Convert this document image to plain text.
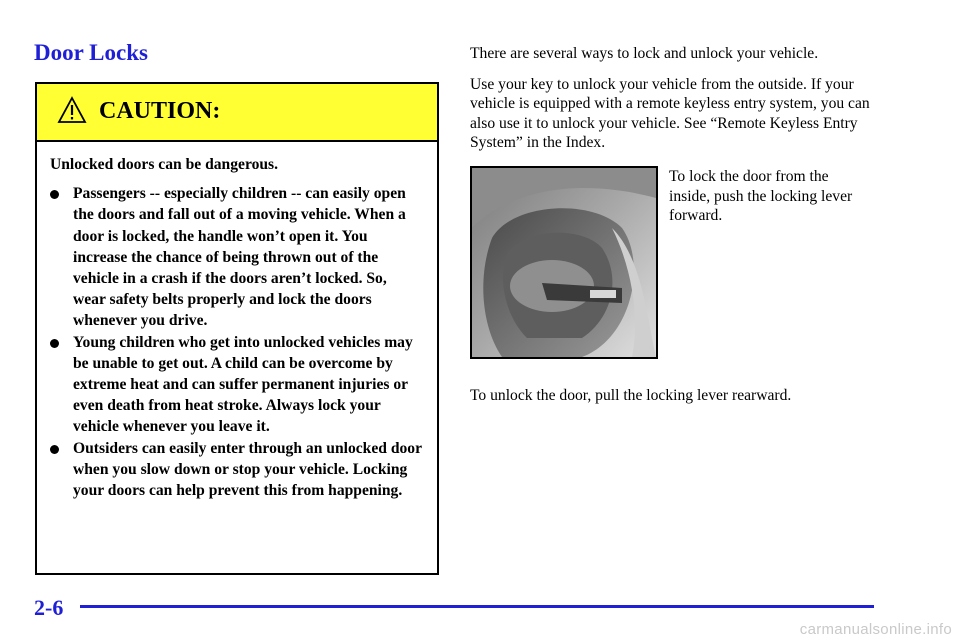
Door Locks
CAUTION:

Unlocked doors can be dangerous.

Passengers -- especially children -- can easily open the doors and fall out of a moving vehicle. When a door is locked, the handle won’t open it. You increase the chance of being thrown out of the vehicle in a crash if the doors aren’t locked. So, wear safety belts properly and lock the doors whenever you drive.
Young children who get into unlocked vehicles may be unable to get out. A child can be overcome by extreme heat and can suffer permanent injuries or even death from heat stroke. Always lock your vehicle whenever you leave it.
Outsiders can easily enter through an unlocked door when you slow down or stop your vehicle. Locking your doors can help prevent this from happening.

There are several ways to lock and unlock your vehicle.

Use your key to unlock your vehicle from the outside. If your vehicle is equipped with a remote keyless entry system, you can also use it to unlock your vehicle. See “Remote Keyless Entry System” in the Index.

To lock the door from the inside, push the locking lever forward.
To unlock the door, pull the locking lever rearward.
2-6
carmanualsonline.info
